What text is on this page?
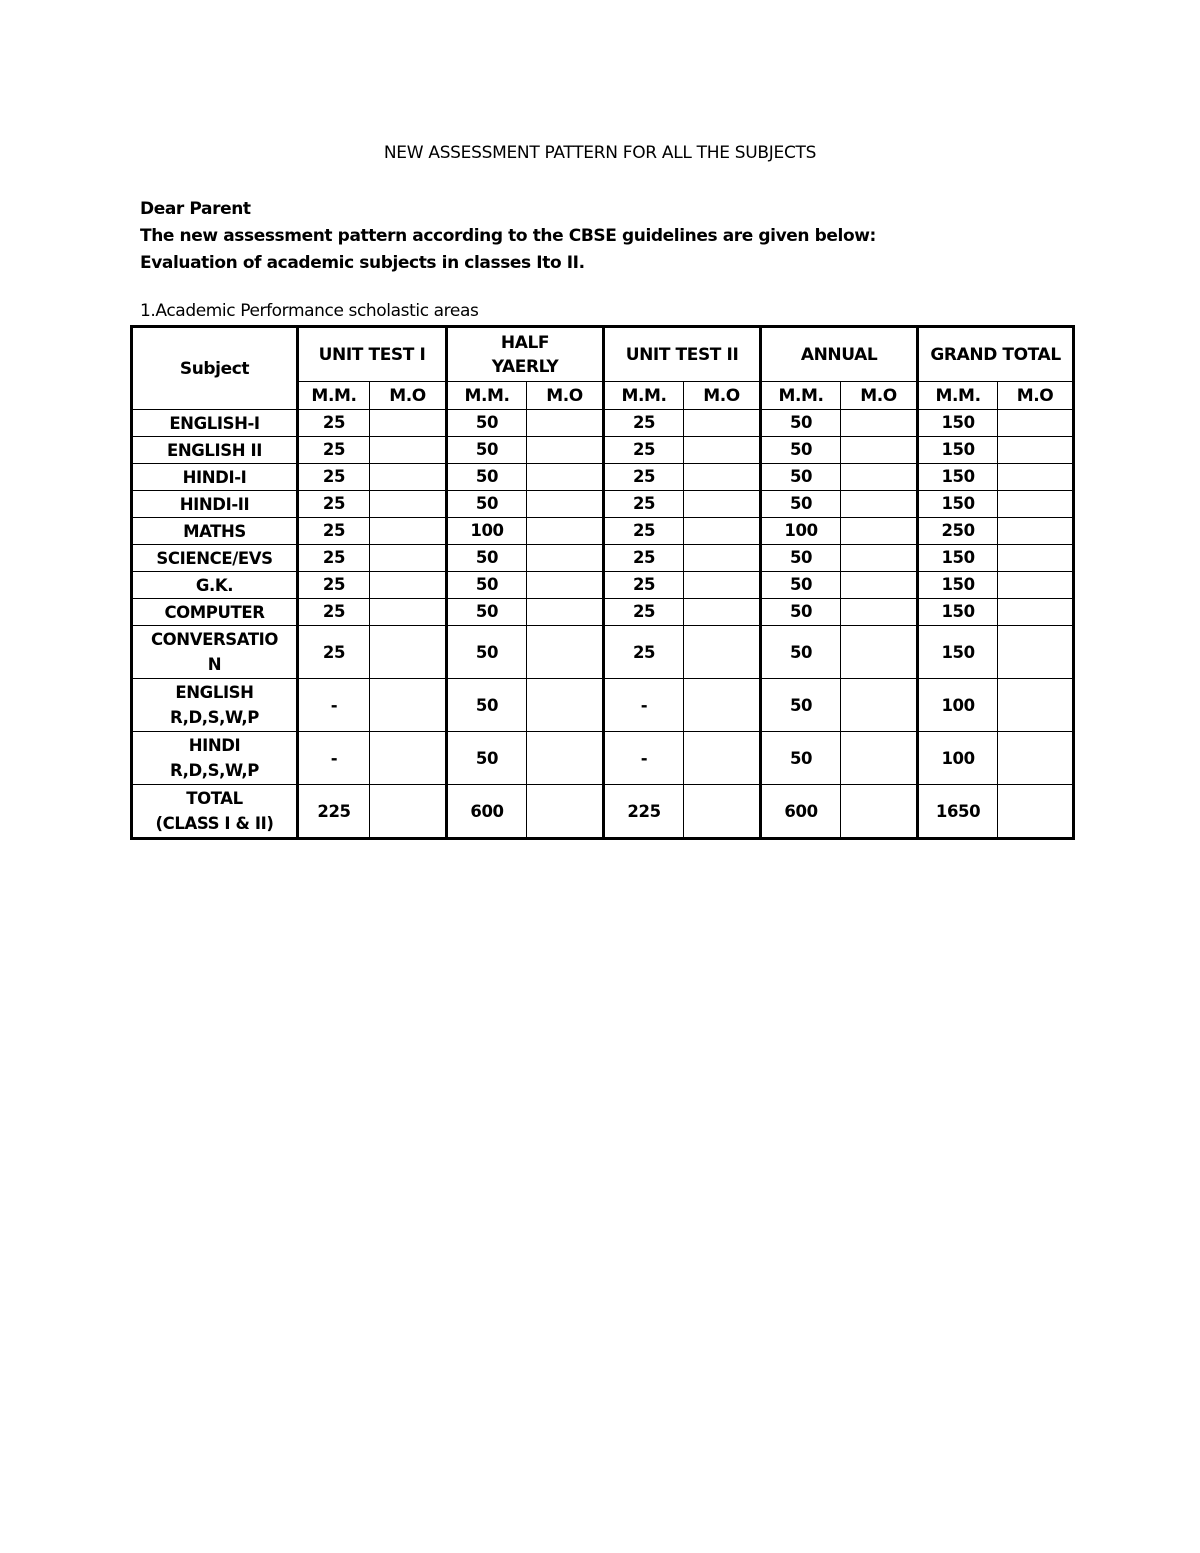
NEW ASSESSMENT PATTERN FOR ALL THE SUBJECTS
Dear Parent
The new assessment pattern according to the CBSE guidelines are given below:
Evaluation of academic subjects in classes Ito II.
1.Academic Performance scholastic areas
Subject	UNIT TEST I		HALF
YAERLY		UNIT TEST II		ANNUAL		GRAND TOTAL	
	M.M.	M.O	M.M.	M.O	M.M.	M.O	M.M.	M.O	M.M.	M.O
ENGLISH-I	25		50		25		50		150	
ENGLISH II	25		50		25		50		150	
HINDI-I	25		50		25		50		150	
HINDI-II	25		50		25		50		150	
MATHS	25		100		25		100		250	
SCIENCE/EVS	25		50		25		50		150	
G.K.	25		50		25		50		150	
COMPUTER	25		50		25		50		150	
CONVERSATIO
N	25		50		25		50		150	
ENGLISH
R,D,S,W,P	-		50		-		50		100	
HINDI
R,D,S,W,P	-		50		-		50		100	
TOTAL
(CLASS I & II)	225		600		225		600		1650	
